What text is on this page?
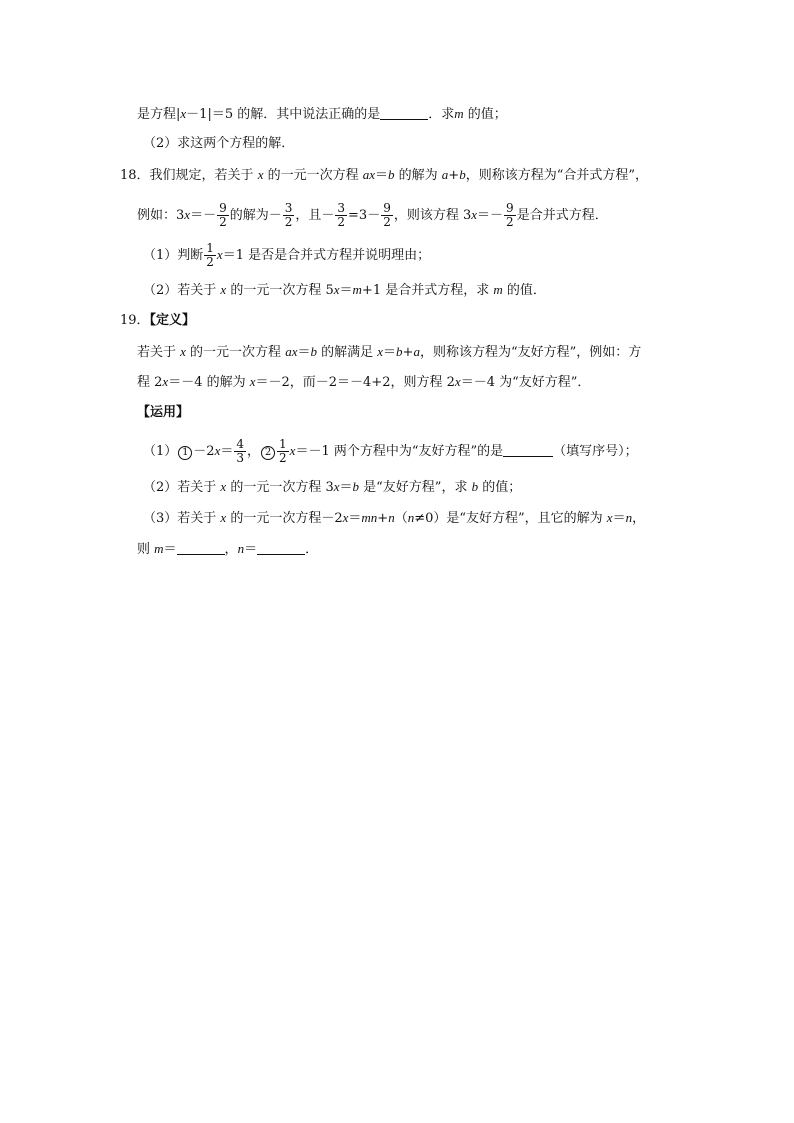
是方程|x－1|＝5 的解．其中说法正确的是	．求m 的值；
（2）求这两个方程的解．
18．我们规定，若关于 x 的一元一次方程 ax＝b 的解为 a+b，则称该方程为“合并式方程”，
例如：$3x=- \frac{9}{2}$ 的解为－ $\frac{3}{2}$ ，且－ $\frac{3}{2} =3- \frac{9}{2}$ ，则该方程 $3x=- \frac{9}{2}$ 是合并式方程．
（1）判断 $\frac{1}{2} x=1$ 是否是合并式方程并说明理由；
（2）若关于 x 的一元一次方程 5x＝m+1 是合并式方程，求 m 的值．
19．【定义】
若关于 x 的一元一次方程 ax＝b 的解满足 x＝b+a，则称该方程为“友好方程”，例如：方
程 2x＝－4 的解为 x＝－2，而－2＝－4+2，则方程 2x＝－4 为“友好方程”．
【运用】
（1） $1 -2x= \frac{4}{3}$ ， $2 \frac{1}{2} x=-1$ 两个方程中为“友好方程”的是	（填写序号）；
（2）若关于 x 的一元一次方程 3x＝b 是“友好方程”，求 b 的值；
（3）若关于 x 的一元一次方程－2x＝mn+n（n≠0）是“友好方程”，且它的解为 x＝n，
则 m＝	，n＝	．
